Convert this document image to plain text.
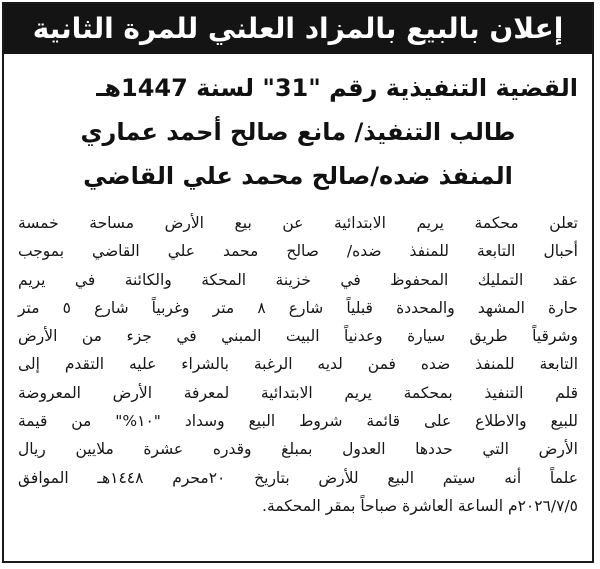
إعلان بالبيع بالمزاد العلني للمرة الثانية
القضية التنفيذية رقم "31" لسنة 1447هـ
طالب التنفيذ/ مانع صالح أحمد عماري
المنفذ ضده/صالح محمد علي القاضي
تعلن محكمة يريم الابتدائية عن بيع الأرض مساحة خمسة
أحبال التابعة للمنفذ ضده/ صالح محمد علي القاضي بموجب
عقد التمليك المحفوظ في خزينة المحكة والكائنة في يريم
حارة المشهد والمحددة قبلياً شارع ٨ متر وغربياً شارع ٥ متر
وشرقياً طريق سيارة وعدنياً البيت المبني في جزء من الأرض
التابعة للمنفذ ضده فمن لديه الرغبة بالشراء عليه التقدم إلى
قلم التنفيذ بمحكمة يريم الابتدائية لمعرفة الأرض المعروضة
للبيع والاطلاع على قائمة شروط البيع وسداد "١٠%" من قيمة
الأرض التي حددها العدول بمبلغ وقدره عشرة ملايين ريال
علماً أنه سيتم البيع للأرض بتاريخ ٢٠محرم ١٤٤٨هـ الموافق
٢٠٢٦/٧/٥م الساعة العاشرة صباحاً بمقر المحكمة.
